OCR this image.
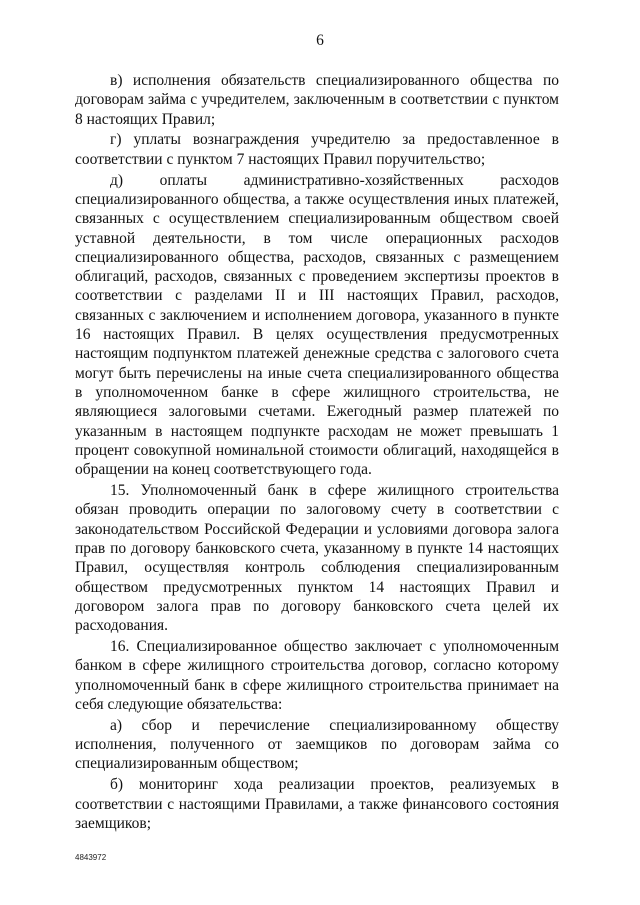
6

в) исполнения обязательств специализированного общества по договорам займа с учредителем, заключенным в соответствии с пунктом 8 настоящих Правил;

г) уплаты вознаграждения учредителю за предоставленное в соответствии с пунктом 7 настоящих Правил поручительство;

д) оплаты административно-хозяйственных расходов специализированного общества, а также осуществления иных платежей, связанных с осуществлением специализированным обществом своей уставной деятельности, в том числе операционных расходов специализированного общества, расходов, связанных с размещением облигаций, расходов, связанных с проведением экспертизы проектов в соответствии с разделами II и III настоящих Правил, расходов, связанных с заключением и исполнением договора, указанного в пункте 16 настоящих Правил. В целях осуществления предусмотренных настоящим подпунктом платежей денежные средства с залогового счета могут быть перечислены на иные счета специализированного общества в уполномоченном банке в сфере жилищного строительства, не являющиеся залоговыми счетами. Ежегодный размер платежей по указанным в настоящем подпункте расходам не может превышать 1 процент совокупной номинальной стоимости облигаций, находящейся в обращении на конец соответствующего года.

15. Уполномоченный банк в сфере жилищного строительства обязан проводить операции по залоговому счету в соответствии с законодательством Российской Федерации и условиями договора залога прав по договору банковского счета, указанному в пункте 14 настоящих Правил, осуществляя контроль соблюдения специализированным обществом предусмотренных пунктом 14 настоящих Правил и договором залога прав по договору банковского счета целей их расходования.

16. Специализированное общество заключает с уполномоченным банком в сфере жилищного строительства договор, согласно которому уполномоченный банк в сфере жилищного строительства принимает на себя следующие обязательства:

а) сбор и перечисление специализированному обществу исполнения, полученного от заемщиков по договорам займа со специализированным обществом;

б) мониторинг хода реализации проектов, реализуемых в соответствии с настоящими Правилами, а также финансового состояния заемщиков;

4843972
